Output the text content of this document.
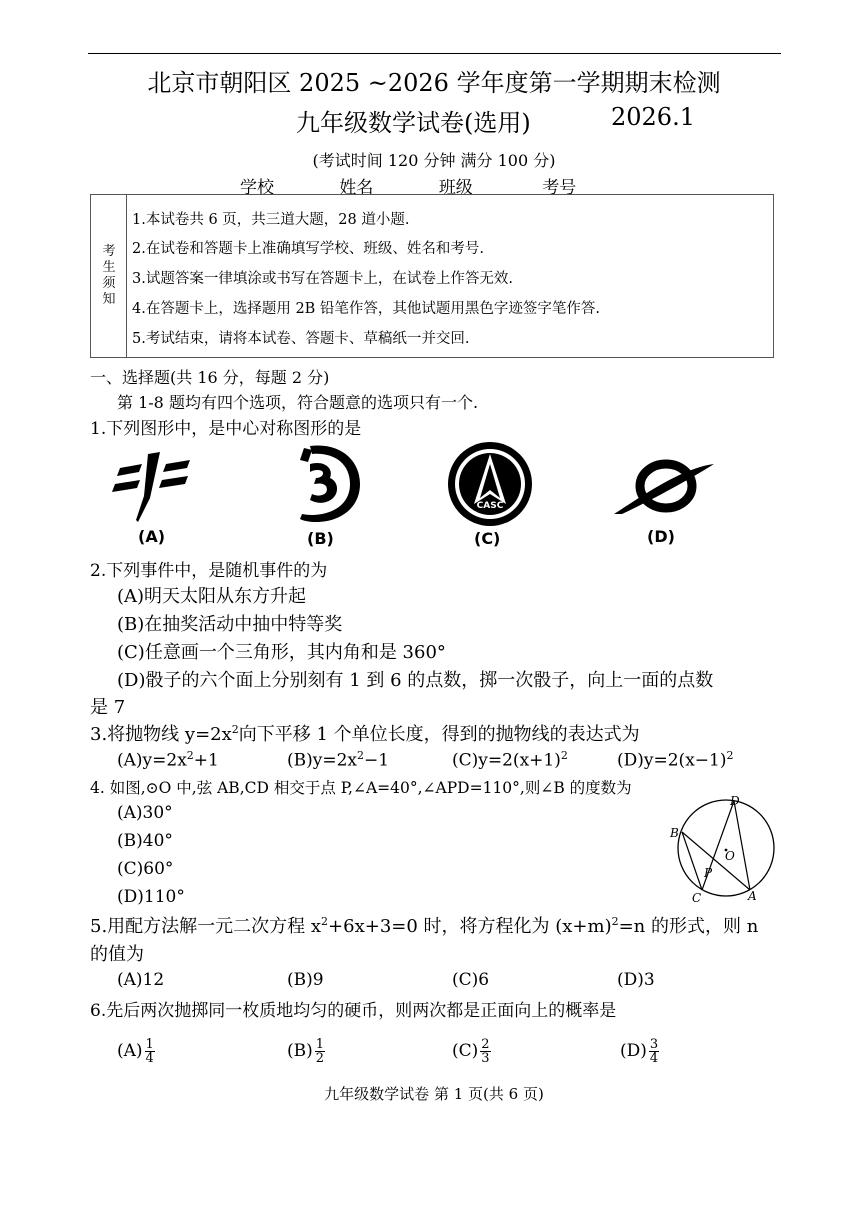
北京市朝阳区 2025 ~2026 学年度第一学期期末检测
九年级数学试卷(选用)	2026.1
(考试时间 120 分钟 满分 100 分)
学校	姓名	班级	考号
考生须知
1.本试卷共 6 页，共三道大题，28 道小题.
2.在试卷和答题卡上准确填写学校、班级、姓名和考号.
3.试题答案一律填涂或书写在答题卡上，在试卷上作答无效.
4.在答题卡上，选择题用 2B 铅笔作答，其他试题用黑色字迹签字笔作答.
5.考试结束，请将本试卷、答题卡、草稿纸一并交回.
一、选择题(共 16 分，每题 2 分)
第 1-8 题均有四个选项，符合题意的选项只有一个.
1.下列图形中，是中心对称图形的是
(A)	(B)
CASC
(C)	(D)
2.下列事件中，是随机事件的为
(A)明天太阳从东方升起
(B)在抽奖活动中抽中特等奖
(C)任意画一个三角形，其内角和是 360°
(D)骰子的六个面上分别刻有 1 到 6 的点数，掷一次骰子，向上一面的点数
是 7
3.将抛物线 $y=2x^2$向下平移 1 个单位长度，得到的抛物线的表达式为
$(A)y=2x^2+1$	$(B)y=2x^2-1$	$(C)y=2(x+1)^2$	$(D)y=2(x-1)^2$
4. 如图,⊙O 中,弦 AB,CD 相交于点 P,∠A=40°,∠APD=110°,则∠B 的度数为
(A)30°
(B)40°
(C)60°
(D)110°
D
B
O
P
C	A
5.用配方法解一元二次方程 $x^2+6x+3=0$ 时，将方程化为 $(x+m)^2=n$ 的形式，则 n
的值为
(A)12	(B)9	(C)6	(D)3
6.先后两次抛掷同一枚质地均匀的硬币，则两次都是正面向上的概率是
$(A) \frac{1}{4}$	$(B) \frac{1}{2}$	$(C) \frac{2}{3}$	$(D) \frac{3}{4}$
九年级数学试卷 第 1 页(共 6 页)
